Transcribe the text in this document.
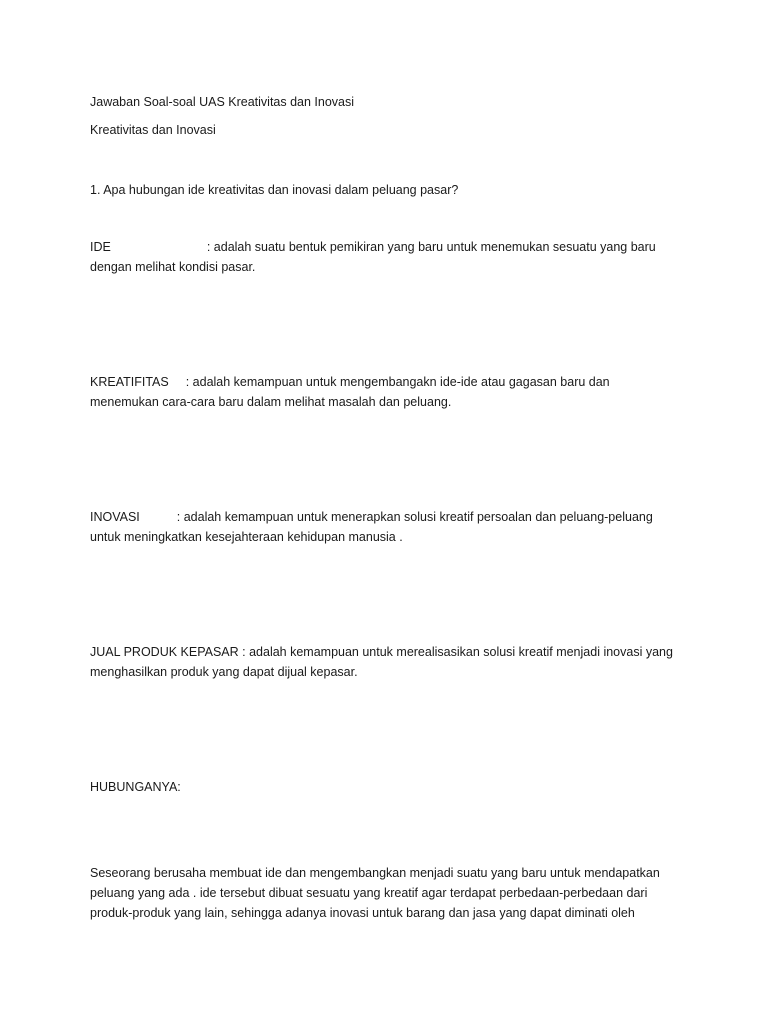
Jawaban Soal-soal UAS Kreativitas dan Inovasi
Kreativitas dan Inovasi
1. Apa hubungan ide kreativitas dan inovasi dalam peluang pasar?
IDE	: adalah suatu bentuk pemikiran yang baru untuk menemukan sesuatu yang baru
dengan melihat kondisi pasar.
KREATIFITAS : adalah kemampuan untuk mengembangakn ide-ide atau gagasan baru dan
menemukan cara-cara baru dalam melihat masalah dan peluang.
INOVASI	: adalah kemampuan untuk menerapkan solusi kreatif persoalan dan peluang-peluang
untuk meningkatkan kesejahteraan kehidupan manusia .
JUAL PRODUK KEPASAR : adalah kemampuan untuk merealisasikan solusi kreatif menjadi inovasi yang
menghasilkan produk yang dapat dijual kepasar.
HUBUNGANYA:
Seseorang berusaha membuat ide dan mengembangkan menjadi suatu yang baru untuk mendapatkan
peluang yang ada . ide tersebut dibuat sesuatu yang kreatif agar terdapat perbedaan-perbedaan dari
produk-produk yang lain, sehingga adanya inovasi untuk barang dan jasa yang dapat diminati oleh
